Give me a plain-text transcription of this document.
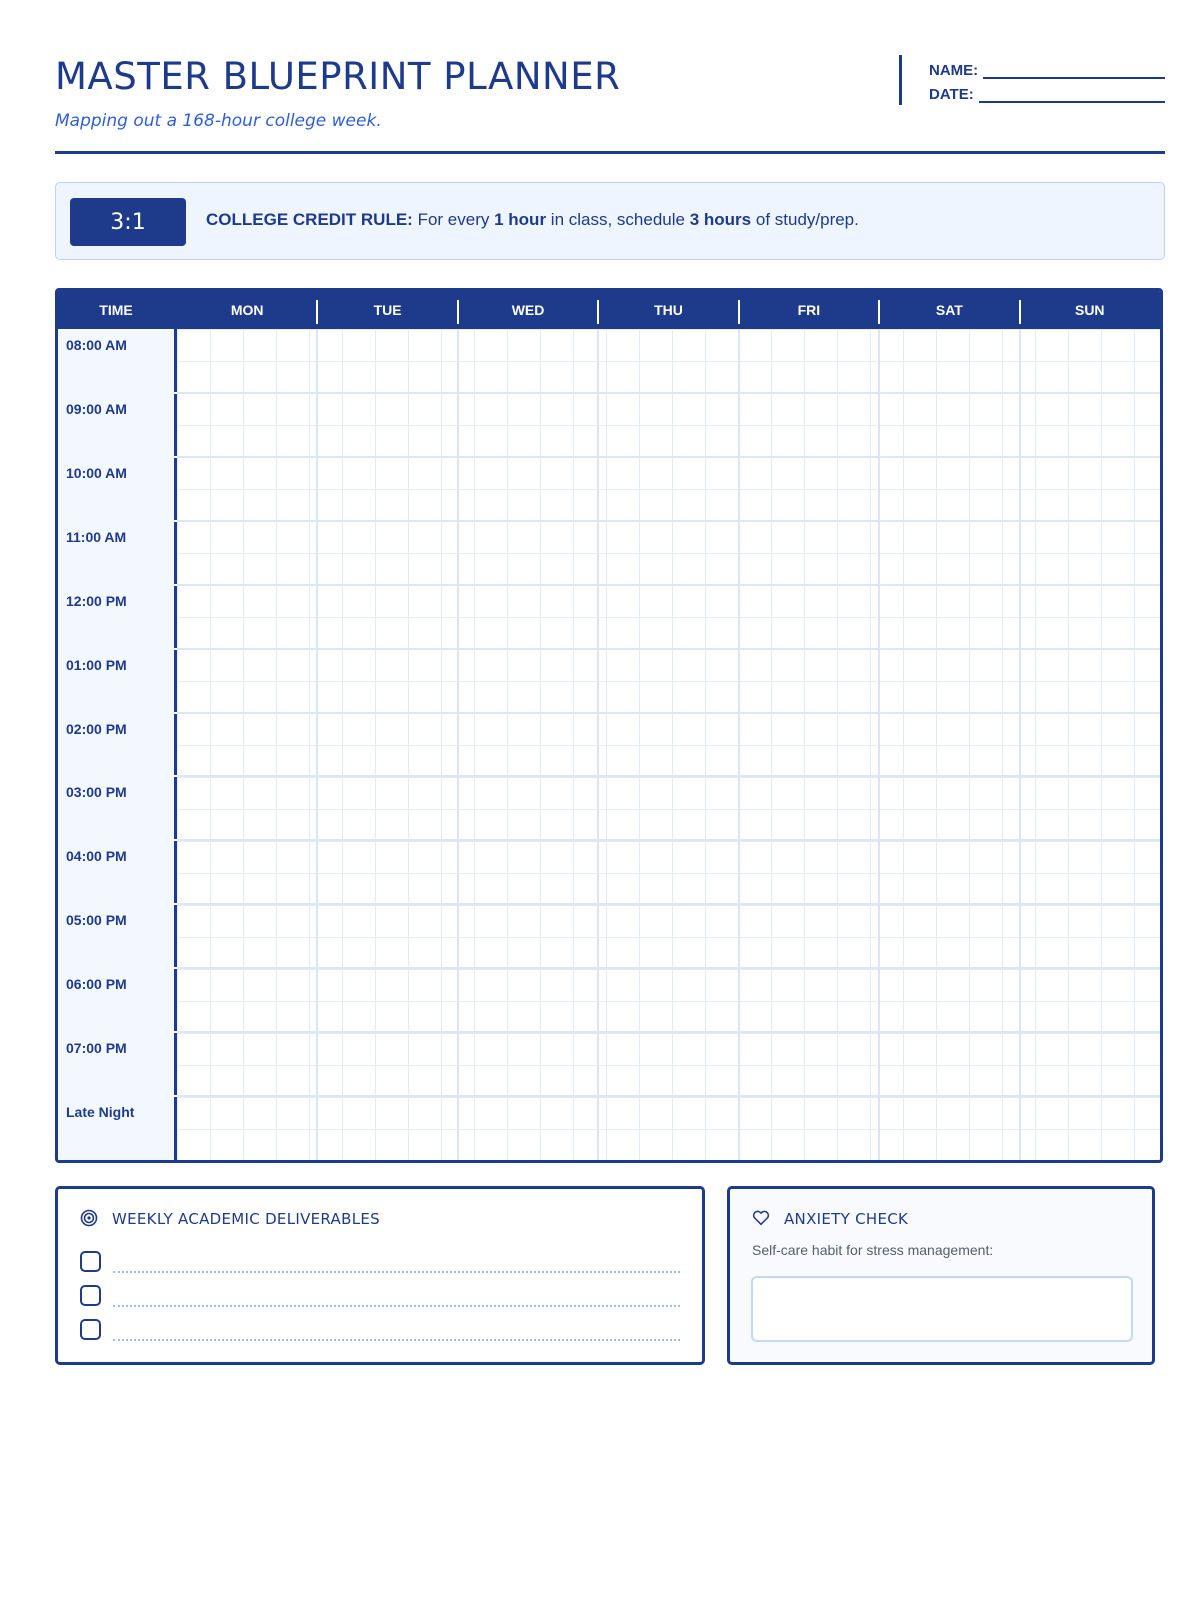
MASTER BLUEPRINT PLANNER
Mapping out a 168-hour college week.
NAME:
DATE:
3:1	COLLEGE CREDIT RULE: For every 1 hour in class, schedule 3 hours of study/prep.
TIME	MON	TUE	WED	THU	FRI	SAT	SUN
08:00 AM
09:00 AM
10:00 AM
11:00 AM
12:00 PM
01:00 PM
02:00 PM
03:00 PM
04:00 PM
05:00 PM
06:00 PM
07:00 PM
Late Night
WEEKLY ACADEMIC DELIVERABLES	ANXIETY CHECK
Self-care habit for stress management:
